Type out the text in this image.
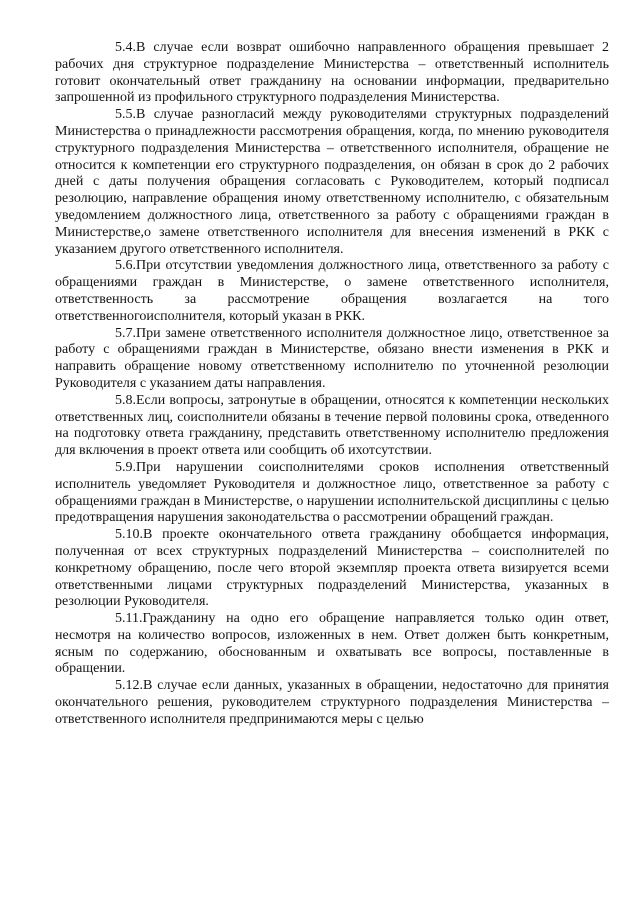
5.4.В случае если возврат ошибочно направленного обращения превышает 2 рабочих дня структурное подразделение Министерства – ответственный исполнитель готовит окончательный ответ гражданину на основании информации, предварительно запрошенной из профильного структурного подразделения Министерства.

5.5.В случае разногласий между руководителями структурных подразделений Министерства о принадлежности рассмотрения обращения, когда, по мнению руководителя структурного подразделения Министерства – ответственного исполнителя, обращение не относится к компетенции его структурного подразделения, он обязан в срок до 2 рабочих дней с даты получения обращения согласовать с Руководителем, который подписал резолюцию, направление обращения иному ответственному исполнителю, с обязательным уведомлением должностного лица, ответственного за работу с обращениями граждан в Министерстве,о замене ответственного исполнителя для внесения изменений в РКК с указанием другого ответственного исполнителя.

5.6.При отсутствии уведомления должностного лица, ответственного за работу с обращениями граждан в Министерстве, о замене ответственного исполнителя, ответственность за рассмотрение обращения возлагается на того ответственногоисполнителя, который указан в РКК.

5.7.При замене ответственного исполнителя должностное лицо, ответственное за работу с обращениями граждан в Министерстве, обязано внести изменения в РКК и направить обращение новому ответственному исполнителю по уточненной резолюции Руководителя с указанием даты направления.

5.8.Если вопросы, затронутые в обращении, относятся к компетенции нескольких ответственных лиц, соисполнители обязаны в течение первой половины срока, отведенного на подготовку ответа гражданину, представить ответственному исполнителю предложения для включения в проект ответа или сообщить об ихотсутствии.

5.9.При нарушении соисполнителями сроков исполнения ответственный исполнитель уведомляет Руководителя и должностное лицо, ответственное за работу с обращениями граждан в Министерстве, о нарушении исполнительской дисциплины с целью предотвращения нарушения законодательства о рассмотрении обращений граждан.

5.10.В проекте окончательного ответа гражданину обобщается информация, полученная от всех структурных подразделений Министерства – соисполнителей по конкретному обращению, после чего второй экземпляр проекта ответа визируется всеми ответственными лицами структурных подразделений Министерства, указанных в резолюции Руководителя.

5.11.Гражданину на одно его обращение направляется только один ответ, несмотря на количество вопросов, изложенных в нем. Ответ должен быть конкретным, ясным по содержанию, обоснованным и охватывать все вопросы, поставленные в обращении.

5.12.В случае если данных, указанных в обращении, недостаточно для принятия окончательного решения, руководителем структурного подразделения Министерства – ответственного исполнителя предпринимаются меры с целью
